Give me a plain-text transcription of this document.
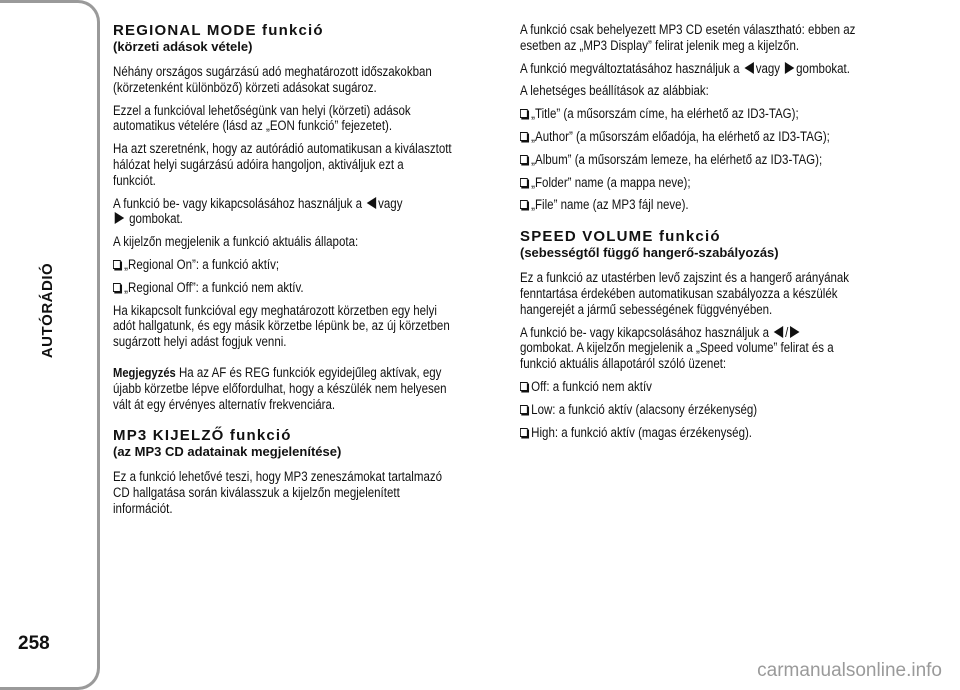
AUTÓRÁDIÓ
258
REGIONAL MODE funkció
(körzeti adások vétele)

Néhány országos sugárzású adó meghatározott időszakokban
(körzetenként különböző) körzeti adásokat sugároz.

Ezzel a funkcióval lehetőségünk van helyi (körzeti) adások
automatikus vételére (lásd az „EON funkció” fejezetet).

Ha azt szeretnénk, hogy az autórádió automatikusan a kiválasztott
hálózat helyi sugárzású adóira hangoljon, aktiváljuk ezt a
funkciót.

A funkció be- vagy kikapcsolásához használjuk a vagy
gombokat.

A kijelzőn megjelenik a funkció aktuális állapota:

„Regional On”: a funkció aktív;

„Regional Off”: a funkció nem aktív.

Ha kikapcsolt funkcióval egy meghatározott körzetben egy helyi
adót hallgatunk, és egy másik körzetbe lépünk be, az új körzetben
sugárzott helyi adást fogjuk venni.

Megjegyzés Ha az AF és REG funkciók egyidejűleg aktívak, egy
újabb körzetbe lépve előfordulhat, hogy a készülék nem helyesen
vált át egy érvényes alternatív frekvenciára.

MP3 KIJELZŐ funkció
(az MP3 CD adatainak megjelenítése)

Ez a funkció lehetővé teszi, hogy MP3 zeneszámokat tartalmazó
CD hallgatása során kiválasszuk a kijelzőn megjelenített
információt.

A funkció csak behelyezett MP3 CD esetén választható: ebben az
esetben az „MP3 Display” felirat jelenik meg a kijelzőn.

A funkció megváltoztatásához használjuk a vagy gombokat.

A lehetséges beállítások az alábbiak:

„Title” (a műsorszám címe, ha elérhető az ID3-TAG);

„Author” (a műsorszám előadója, ha elérhető az ID3-TAG);

„Album” (a műsorszám lemeze, ha elérhető az ID3-TAG);

„Folder” name (a mappa neve);

„File” name (az MP3 fájl neve).

SPEED VOLUME funkció
(sebességtől függő hangerő-szabályozás)

Ez a funkció az utastérben levő zajszint és a hangerő arányának
fenntartása érdekében automatikusan szabályozza a készülék
hangerejét a jármű sebességének függvényében.

A funkció be- vagy kikapcsolásához használjuk a /
gombokat. A kijelzőn megjelenik a „Speed volume” felirat és a
funkció aktuális állapotáról szóló üzenet:

Off: a funkció nem aktív

Low: a funkció aktív (alacsony érzékenység)

High: a funkció aktív (magas érzékenység).

carmanualsonline.info
